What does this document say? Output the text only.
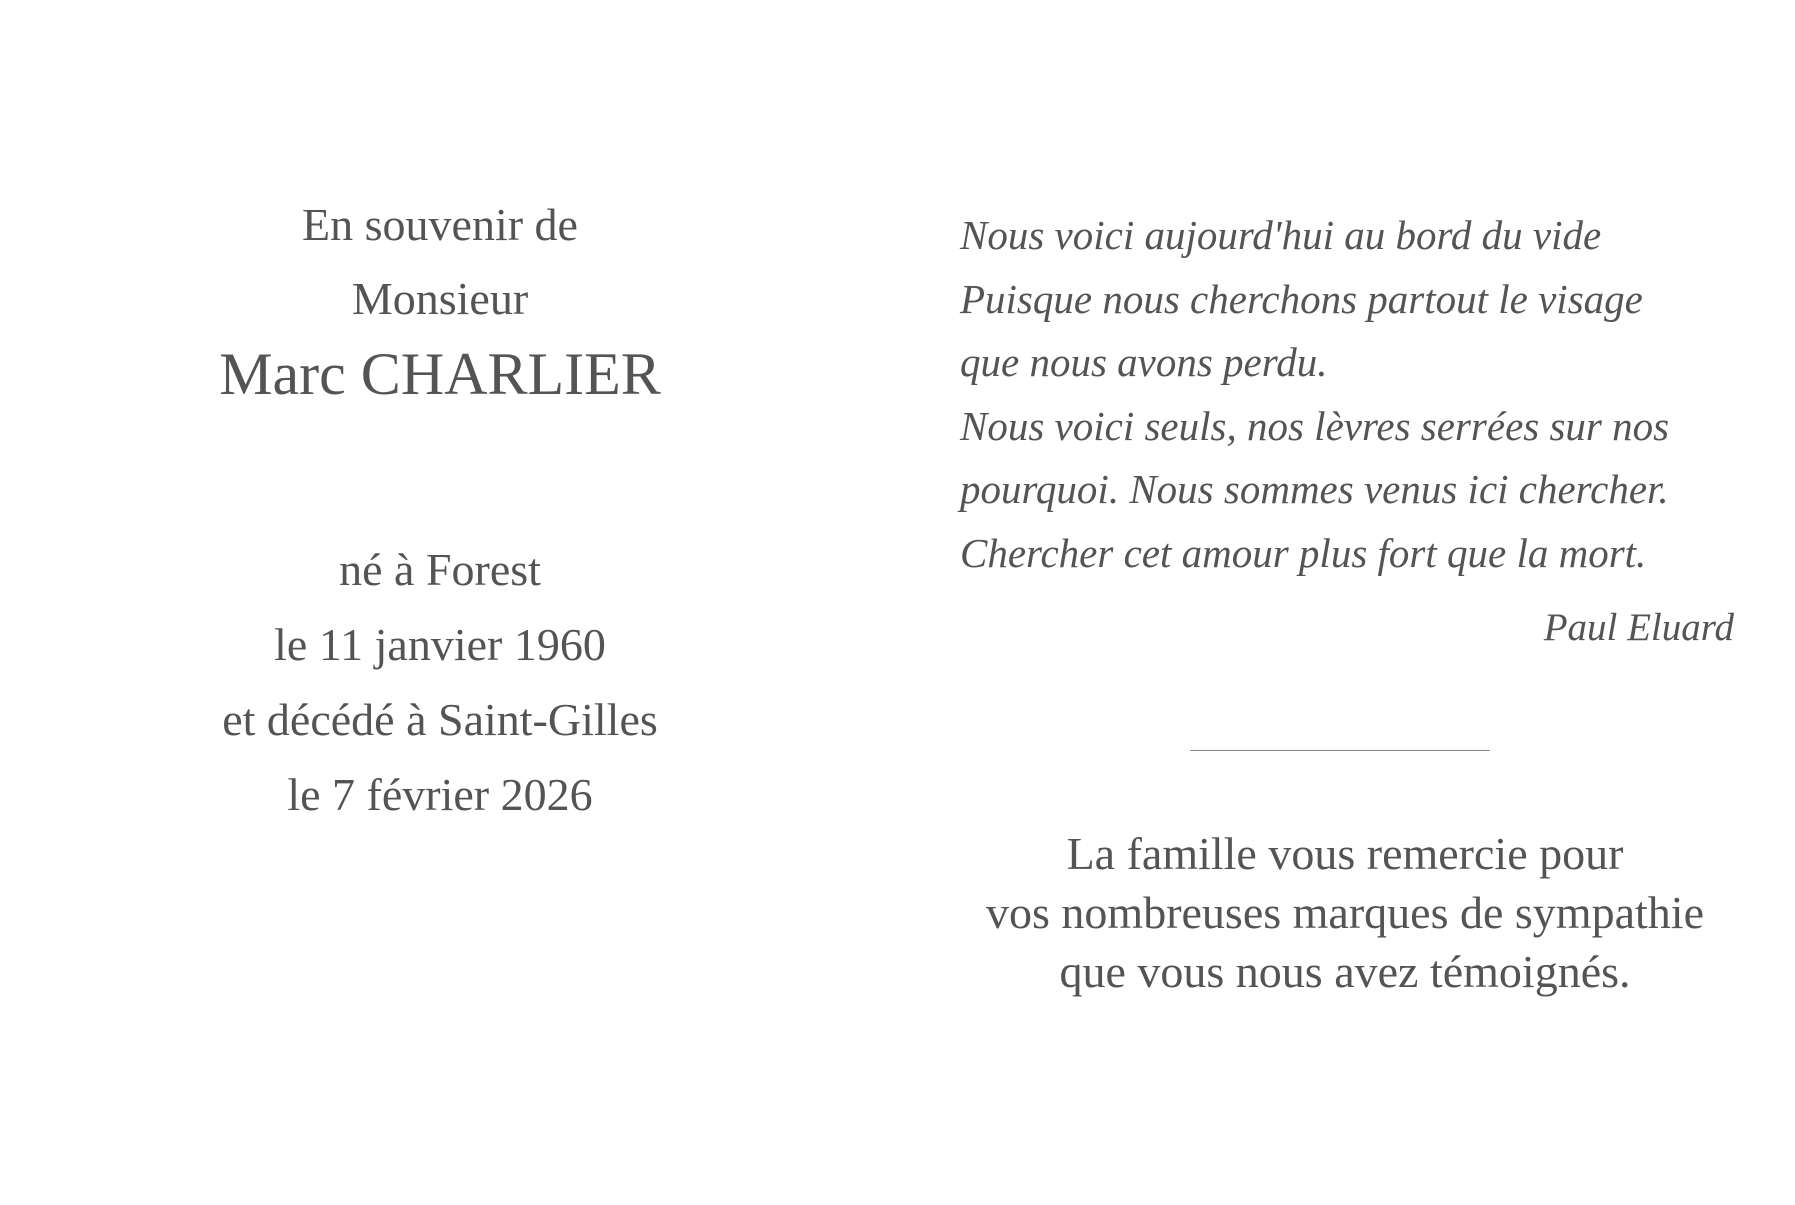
En souvenir de
Monsieur
Marc CHARLIER
né à Forest
le 11 janvier 1960
et décédé à Saint-Gilles
le 7 février 2026
Nous voici aujourd'hui au bord du vide
Puisque nous cherchons partout le visage
que nous avons perdu.
Nous voici seuls, nos lèvres serrées sur nos
pourquoi. Nous sommes venus ici chercher.
Chercher cet amour plus fort que la mort.
Paul Eluard
La famille vous remercie pour
vos nombreuses marques de sympathie
que vous nous avez témoignés.
